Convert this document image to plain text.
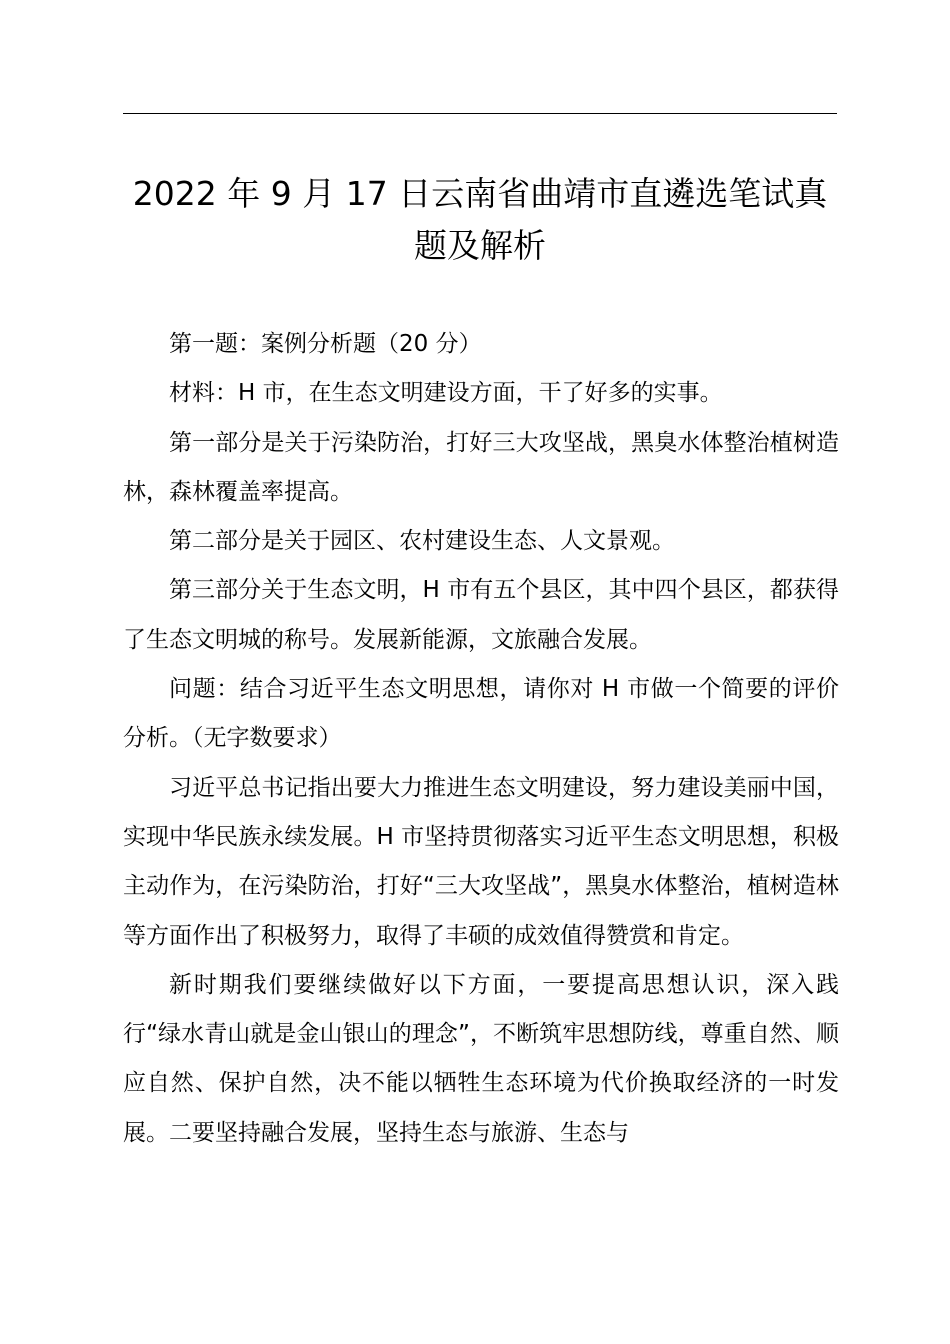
2022 年 9 月 17 日云南省曲靖市直遴选笔试真
题及解析

第一题：案例分析题（20 分）

材料：H 市，在生态文明建设方面，干了好多的实事。

第一部分是关于污染防治，打好三大攻坚战，黑臭水体整治植树造林，森林覆盖率提高。

第二部分是关于园区、农村建设生态、人文景观。

第三部分关于生态文明，H 市有五个县区，其中四个县区，都获得了生态文明城的称号。发展新能源，文旅融合发展。

问题：结合习近平生态文明思想，请你对 H 市做一个简要的评价分析。（无字数要求）

习近平总书记指出要大力推进生态文明建设，努力建设美丽中国，实现中华民族永续发展。H 市坚持贯彻落实习近平生态文明思想，积极主动作为，在污染防治，打好“三大攻坚战”，黑臭水体整治，植树造林等方面作出了积极努力，取得了丰硕的成效值得赞赏和肯定。

新时期我们要继续做好以下方面，一要提高思想认识，深入践行“绿水青山就是金山银山的理念”，不断筑牢思想防线，尊重自然、顺应自然、保护自然，决不能以牺牲生态环境为代价换取经济的一时发展。二要坚持融合发展，坚持生态与旅游、生态与
